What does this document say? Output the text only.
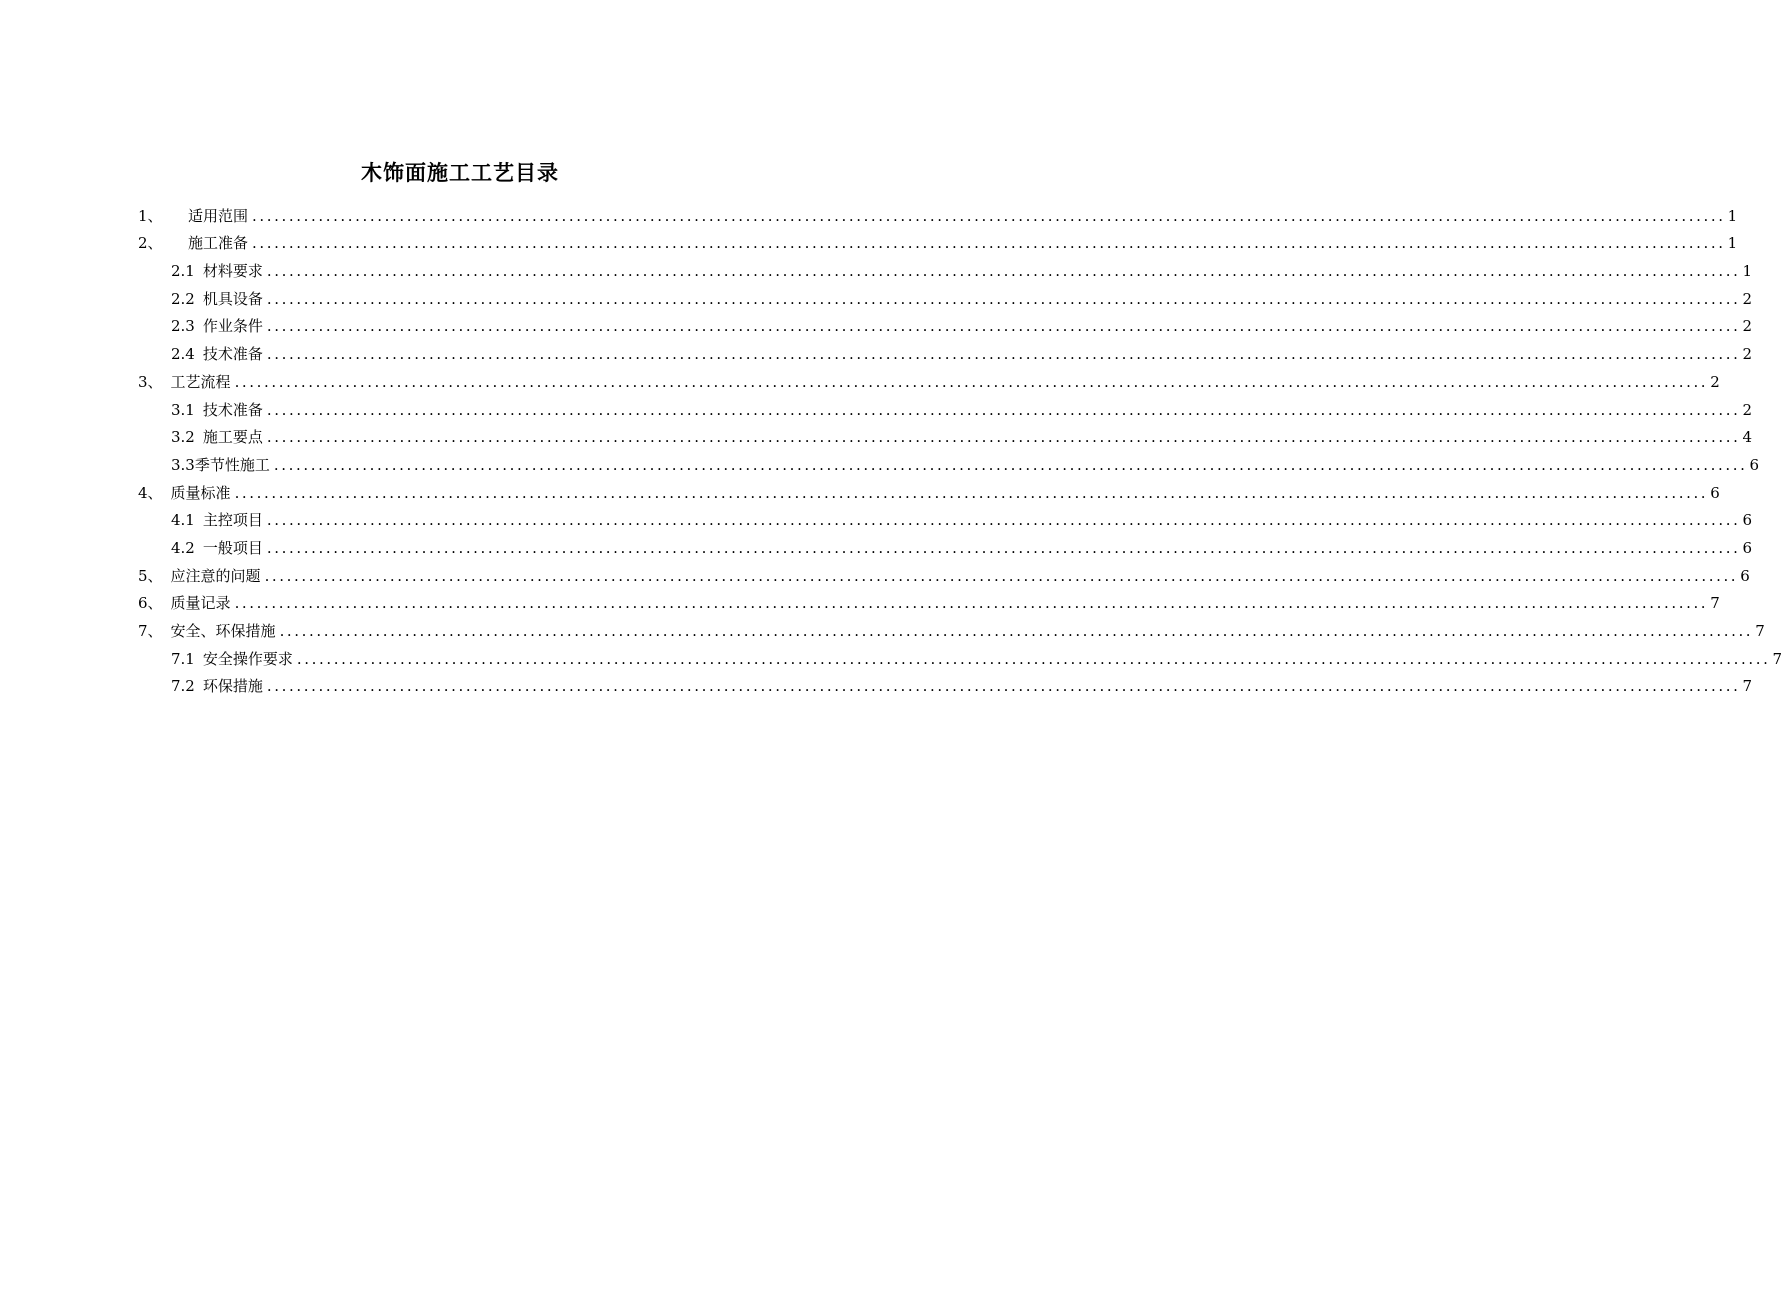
木饰面施工工艺目录
1、	适用范围 ........................................................................................................................................................................................................ 1
2、	施工准备 ........................................................................................................................................................................................................ 1
2.1 材料要求 ........................................................................................................................................................................................................ 1
2.2 机具设备 ........................................................................................................................................................................................................ 2
2.3 作业条件 ........................................................................................................................................................................................................ 2
2.4 技术准备 ........................................................................................................................................................................................................ 2
3、 工艺流程 ........................................................................................................................................................................................................ 2
3.1 技术准备 ........................................................................................................................................................................................................ 2
3.2 施工要点 ........................................................................................................................................................................................................ 4
3.3 季节性施工 ........................................................................................................................................................................................................ 6
4、 质量标准 ........................................................................................................................................................................................................ 6
4.1 主控项目 ........................................................................................................................................................................................................ 6
4.2 一般项目 ........................................................................................................................................................................................................ 6
5、 应注意的问题 ........................................................................................................................................................................................................ 6
6、 质量记录 ........................................................................................................................................................................................................ 7
7、 安全、环保措施 ........................................................................................................................................................................................................ 7
7.1 安全操作要求 ........................................................................................................................................................................................................ 7
7.2 环保措施 ........................................................................................................................................................................................................ 7
